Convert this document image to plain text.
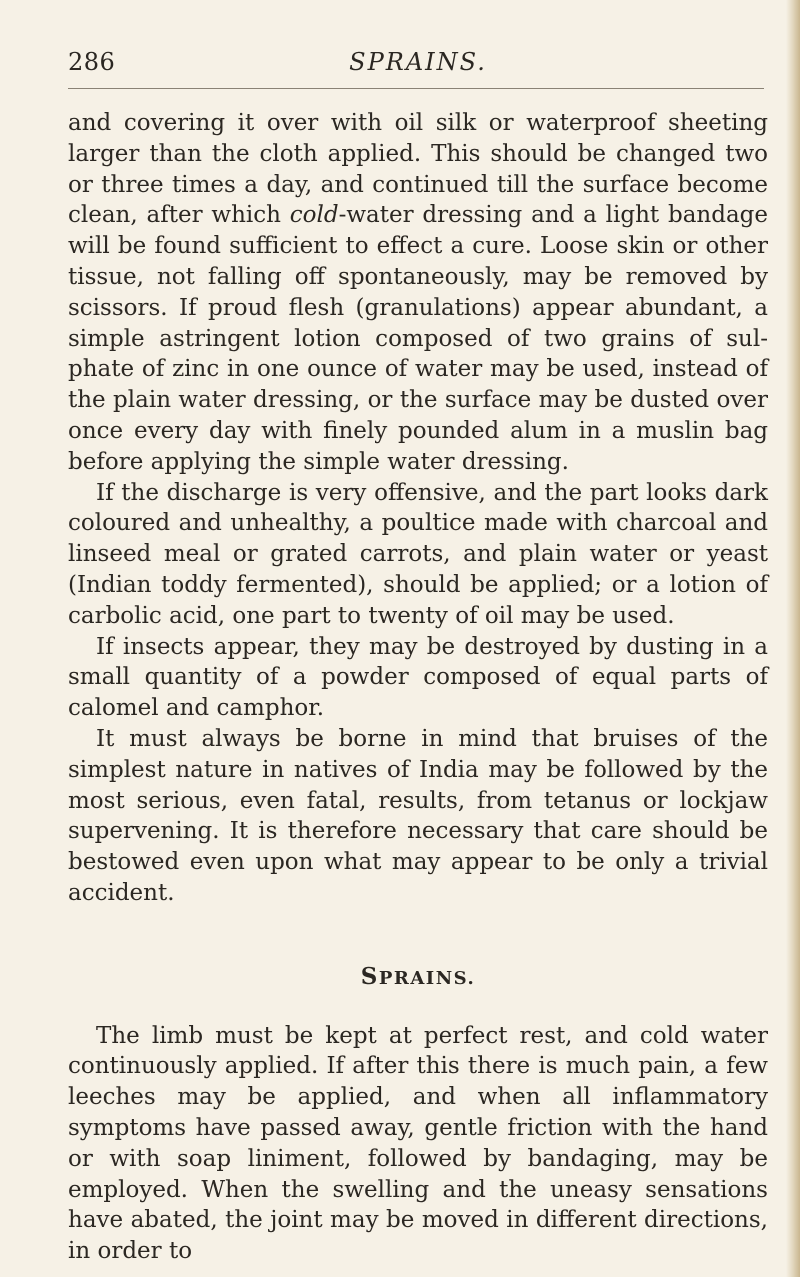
286	SPRAINS.

and covering it over with oil silk or waterproof sheeting larger than the cloth applied. This should be changed two or three times a day, and continued till the surface become clean, after which cold-water dressing and a light bandage will be found sufficient to effect a cure. Loose skin or other tissue, not falling off spontaneously, may be removed by scissors. If proud flesh (granulations) appear abundant, a simple astringent lotion composed of two grains of sul- phate of zinc in one ounce of water may be used, instead of the plain water dressing, or the surface may be dusted over once every day with finely pounded alum in a muslin bag before applying the simple water dressing.

If the discharge is very offensive, and the part looks dark coloured and unhealthy, a poultice made with charcoal and linseed meal or grated carrots, and plain water or yeast (Indian toddy fermented), should be applied; or a lotion of carbolic acid, one part to twenty of oil may be used.

If insects appear, they may be destroyed by dusting in a small quantity of a powder composed of equal parts of calomel and camphor.

It must always be borne in mind that bruises of the simplest nature in natives of India may be followed by the most serious, even fatal, results, from tetanus or lockjaw supervening. It is therefore necessary that care should be bestowed even upon what may appear to be only a trivial accident.

SPRAINS.

The limb must be kept at perfect rest, and cold water continuously applied. If after this there is much pain, a few leeches may be applied, and when all inflammatory symptoms have passed away, gentle friction with the hand or with soap liniment, followed by bandaging, may be employed. When the swelling and the uneasy sensations have abated, the joint may be moved in different directions, in order to
